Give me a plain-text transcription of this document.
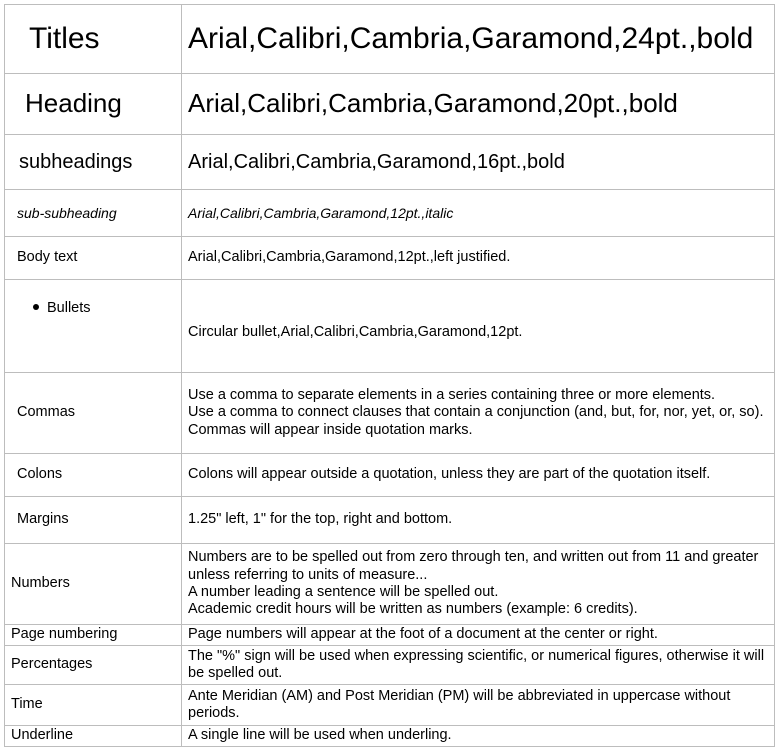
Titles	Arial,Calibri,Cambria,Garamond,24pt.,bold
Heading	Arial,Calibri,Cambria,Garamond,20pt.,bold
subheadings	Arial,Calibri,Cambria,Garamond,16pt.,bold
sub-subheading	Arial,Calibri,Cambria,Garamond,12pt.,italic
Body text	Arial,Calibri,Cambria,Garamond,12pt.,left justified.
Bullets	Circular bullet,Arial,Calibri,Cambria,Garamond,12pt.
Commas	Use a comma to separate elements in a series containing three or more elements.
Use a comma to connect clauses that contain a conjunction (and, but, for, nor, yet, or, so).
Commas will appear inside quotation marks.

Colons	Colons will appear outside a quotation, unless they are part of the quotation itself.
Margins	1.25" left, 1" for the top, right and bottom.
Numbers	Numbers are to be spelled out from zero through ten, and written out from 11 and greater unless referring to units of measure...
A number leading a sentence will be spelled out.
Academic credit hours will be written as numbers (example: 6 credits).

Page numbering	Page numbers will appear at the foot of a document at the center or right.
Percentages	The "%" sign will be used when expressing scientific, or numerical figures, otherwise it will be spelled out.
Time	Ante Meridian (AM) and Post Meridian (PM) will be abbreviated in uppercase without periods.
Underline	A single line will be used when underling.
